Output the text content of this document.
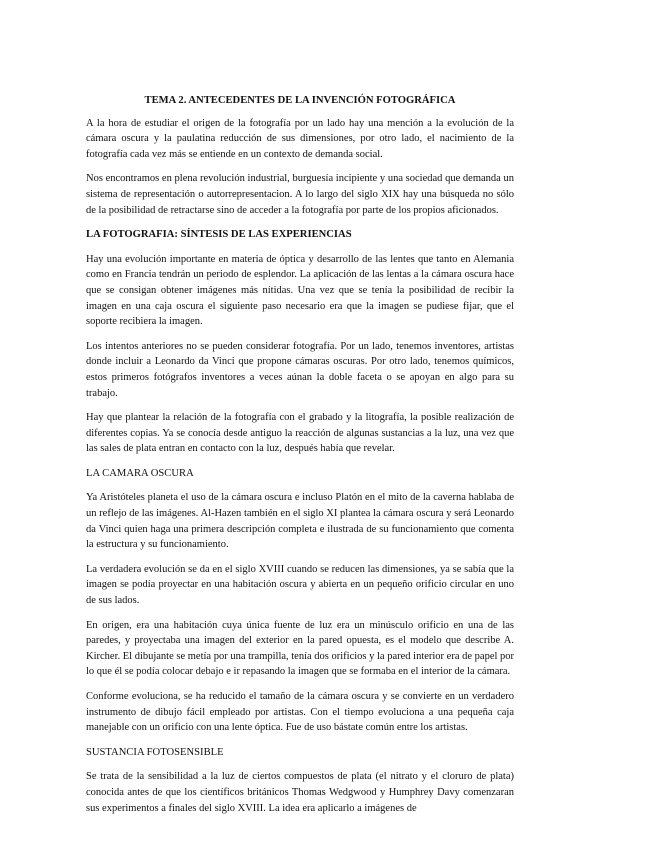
TEMA 2. ANTECEDENTES DE LA INVENCIÓN FOTOGRÁFICA

A la hora de estudiar el origen de la fotografía por un lado hay una mención a la evolución de la cámara oscura y la paulatina reducción de sus dimensiones, por otro lado, el nacimiento de la fotografía cada vez más se entiende en un contexto de demanda social.

Nos encontramos en plena revolución industrial, burguesía incipiente y una sociedad que demanda un sistema de representación o autorrepresentacion. A lo largo del siglo XIX hay una búsqueda no sólo de la posibilidad de retractarse sino de acceder a la fotografía por parte de los propios aficionados.

LA FOTOGRAFIA: SÍNTESIS DE LAS EXPERIENCIAS

Hay una evolución importante en materia de óptica y desarrollo de las lentes que tanto en Alemania como en Francia tendrán un periodo de esplendor. La aplicación de las lentas a la cámara oscura hace que se consigan obtener imágenes más nítidas. Una vez que se tenía la posibilidad de recibir la imagen en una caja oscura el siguiente paso necesario era que la imagen se pudiese fijar, que el soporte recibiera la imagen.

Los intentos anteriores no se pueden considerar fotografía. Por un lado, tenemos inventores, artistas donde incluir a Leonardo da Vinci que propone cámaras oscuras. Por otro lado, tenemos químicos, estos primeros fotógrafos inventores a veces aúnan la doble faceta o se apoyan en algo para su trabajo.

Hay que plantear la relación de la fotografía con el grabado y la litografía, la posible realización de diferentes copias. Ya se conocía desde antiguo la reacción de algunas sustancias a la luz, una vez que las sales de plata entran en contacto con la luz, después había que revelar.

LA CAMARA OSCURA

Ya Aristóteles planeta el uso de la cámara oscura e incluso Platón en el mito de la caverna hablaba de un reflejo de las imágenes. Al-Hazen también en el siglo XI plantea la cámara oscura y será Leonardo da Vinci quien haga una primera descripción completa e ilustrada de su funcionamiento que comenta la estructura y su funcionamiento.

La verdadera evolución se da en el siglo XVIII cuando se reducen las dimensiones, ya se sabía que la imagen se podía proyectar en una habitación oscura y abierta en un pequeño orificio circular en uno de sus lados.

En origen, era una habitación cuya única fuente de luz era un minúsculo orificio en una de las paredes, y proyectaba una imagen del exterior en la pared opuesta, es el modelo que describe A. Kircher. El dibujante se metía por una trampilla, tenía dos orificios y la pared interior era de papel por lo que él se podía colocar debajo e ir repasando la imagen que se formaba en el interior de la cámara.

Conforme evoluciona, se ha reducido el tamaño de la cámara oscura y se convierte en un verdadero instrumento de dibujo fácil empleado por artistas. Con el tiempo evoluciona a una pequeña caja manejable con un orificio con una lente óptica. Fue de uso bástate común entre los artistas.

SUSTANCIA FOTOSENSIBLE

Se trata de la sensibilidad a la luz de ciertos compuestos de plata (el nitrato y el cloruro de plata) conocida antes de que los científicos británicos Thomas Wedgwood y Humphrey Davy comenzaran sus experimentos a finales del siglo XVIII. La idea era aplicarlo a imágenes de
